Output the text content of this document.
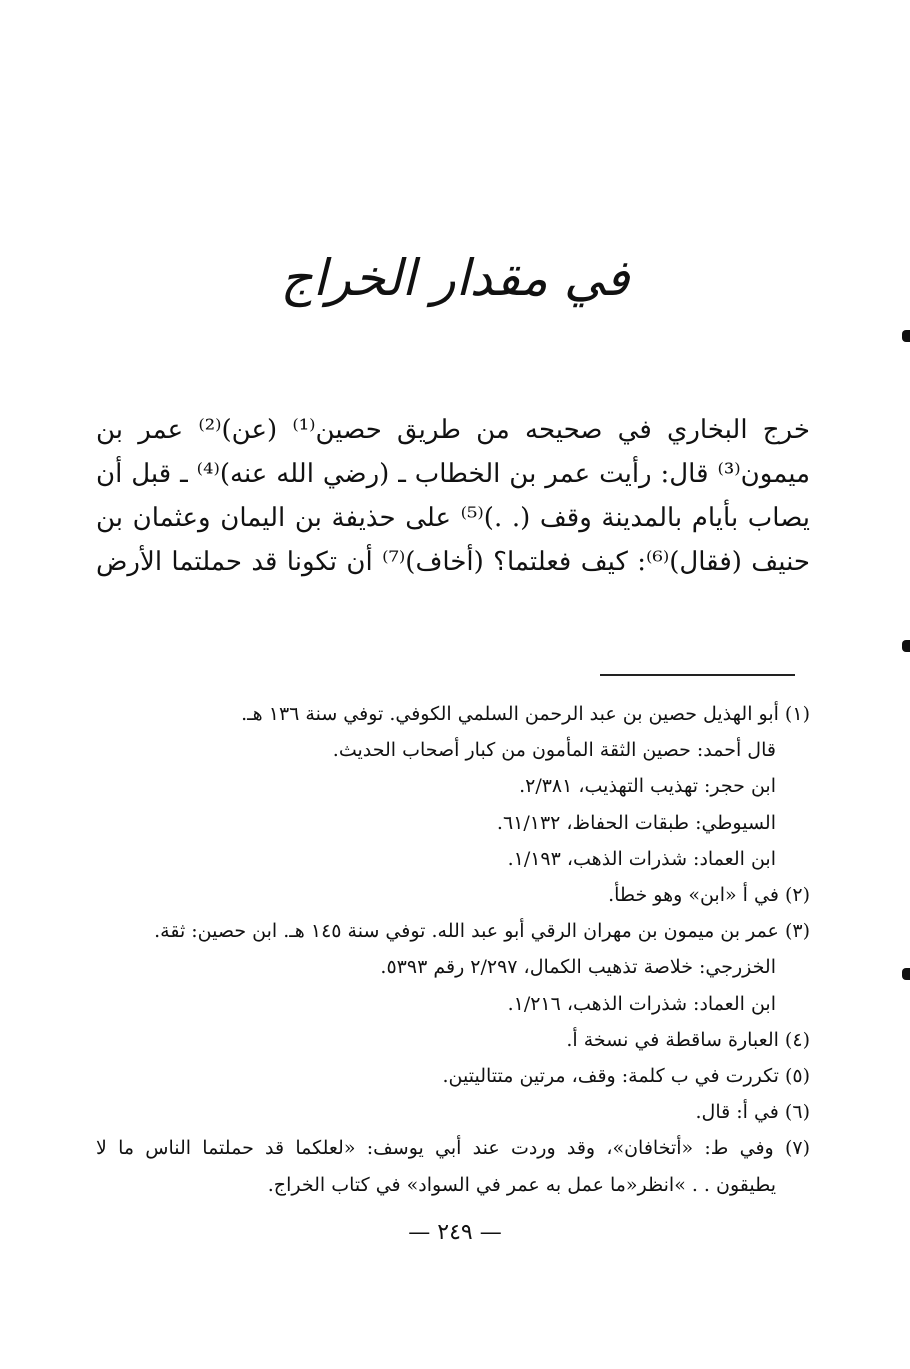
في مقدار الخراج
خرج البخاري في صحيحه من طريق حصين⁽¹⁾ (عن)⁽²⁾ عمر بن
ميمون⁽³⁾ قال: رأيت عمر بن الخطاب ـ (رضي الله عنه)⁽⁴⁾ ـ قبل أن
يصاب بأيام بالمدينة وقف (. .)⁽⁵⁾ على حذيفة بن اليمان وعثمان بن
حنيف (فقال)⁽⁶⁾: كيف فعلتما؟ (أخاف)⁽⁷⁾ أن تكونا قد حملتما الأرض
(١) أبو الهذيل حصين بن عبد الرحمن السلمي الكوفي. توفي سنة ١٣٦ هـ.
قال أحمد: حصين الثقة المأمون من كبار أصحاب الحديث.
ابن حجر: تهذيب التهذيب، ٢/٣٨١.
السيوطي: طبقات الحفاظ، ٦١/١٣٢.
ابن العماد: شذرات الذهب، ١/١٩٣.
(٢) في أ «ابن» وهو خطأ.
(٣) عمر بن ميمون بن مهران الرقي أبو عبد الله. توفي سنة ١٤٥ هـ. ابن حصين: ثقة.
الخزرجي: خلاصة تذهيب الكمال، ٢/٢٩٧ رقم ٥٣٩٣.
ابن العماد: شذرات الذهب، ١/٢١٦.
(٤) العبارة ساقطة في نسخة أ.
(٥) تكررت في ب كلمة: وقف، مرتين متتاليتين.
(٦) في أ: قال.
(٧) وفي ط: «أتخافان»، وقد وردت عند أبي يوسف: «لعلكما قد حملتما الناس ما لا
يطيقون . . »انظر«ما عمل به عمر في السواد» في كتاب الخراج.
— ٢٤٩ —
